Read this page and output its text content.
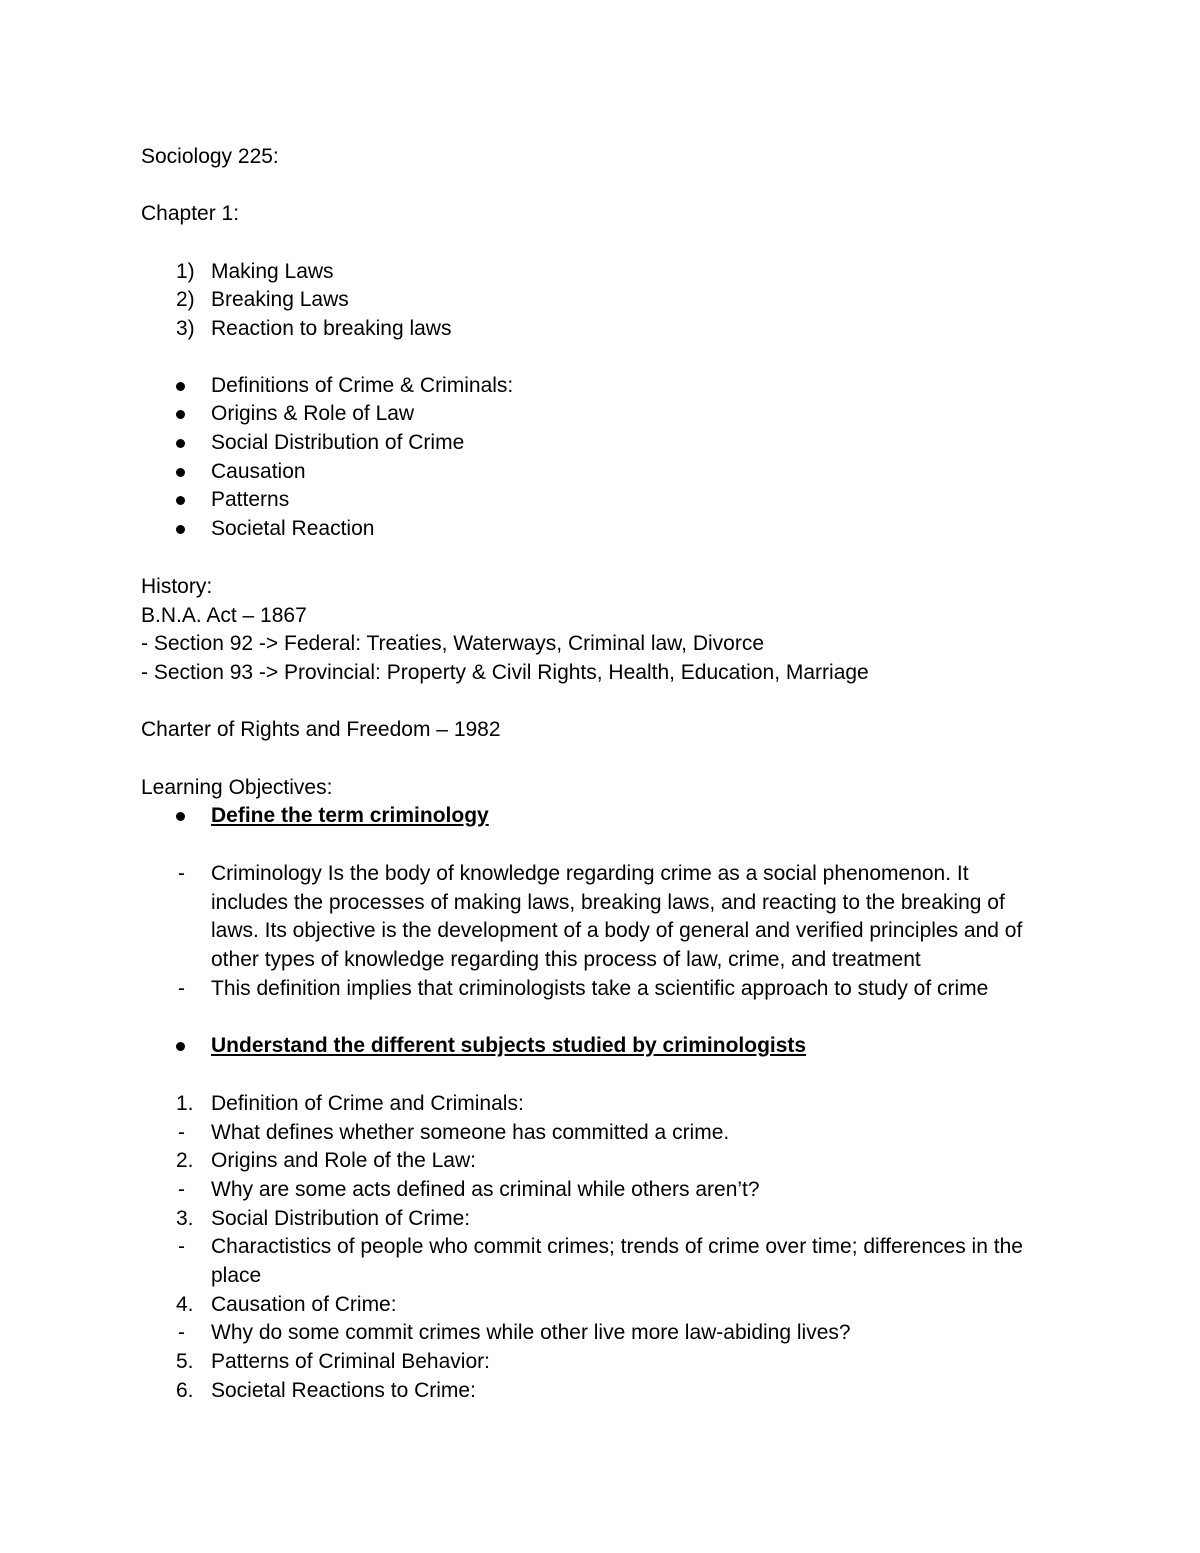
Sociology 225:
Chapter 1:
1) Making Laws
2) Breaking Laws
3) Reaction to breaking laws
Definitions of Crime & Criminals:
Origins & Role of Law
Social Distribution of Crime
Causation
Patterns
Societal Reaction
History:
B.N.A. Act – 1867
- Section 92 -> Federal: Treaties, Waterways, Criminal law, Divorce
- Section 93 -> Provincial: Property & Civil Rights, Health, Education, Marriage
Charter of Rights and Freedom – 1982
Learning Objectives:
Define the term criminology
- Criminology Is the body of knowledge regarding crime as a social phenomenon. It
includes the processes of making laws, breaking laws, and reacting to the breaking of
laws. Its objective is the development of a body of general and verified principles and of
other types of knowledge regarding this process of law, crime, and treatment
- This definition implies that criminologists take a scientific approach to study of crime
Understand the different subjects studied by criminologists
1. Definition of Crime and Criminals:
- What defines whether someone has committed a crime.
2. Origins and Role of the Law:
- Why are some acts defined as criminal while others aren’t?
3. Social Distribution of Crime:
- Charactistics of people who commit crimes; trends of crime over time; differences in the
place
4. Causation of Crime:
- Why do some commit crimes while other live more law-abiding lives?
5. Patterns of Criminal Behavior:
6. Societal Reactions to Crime:
